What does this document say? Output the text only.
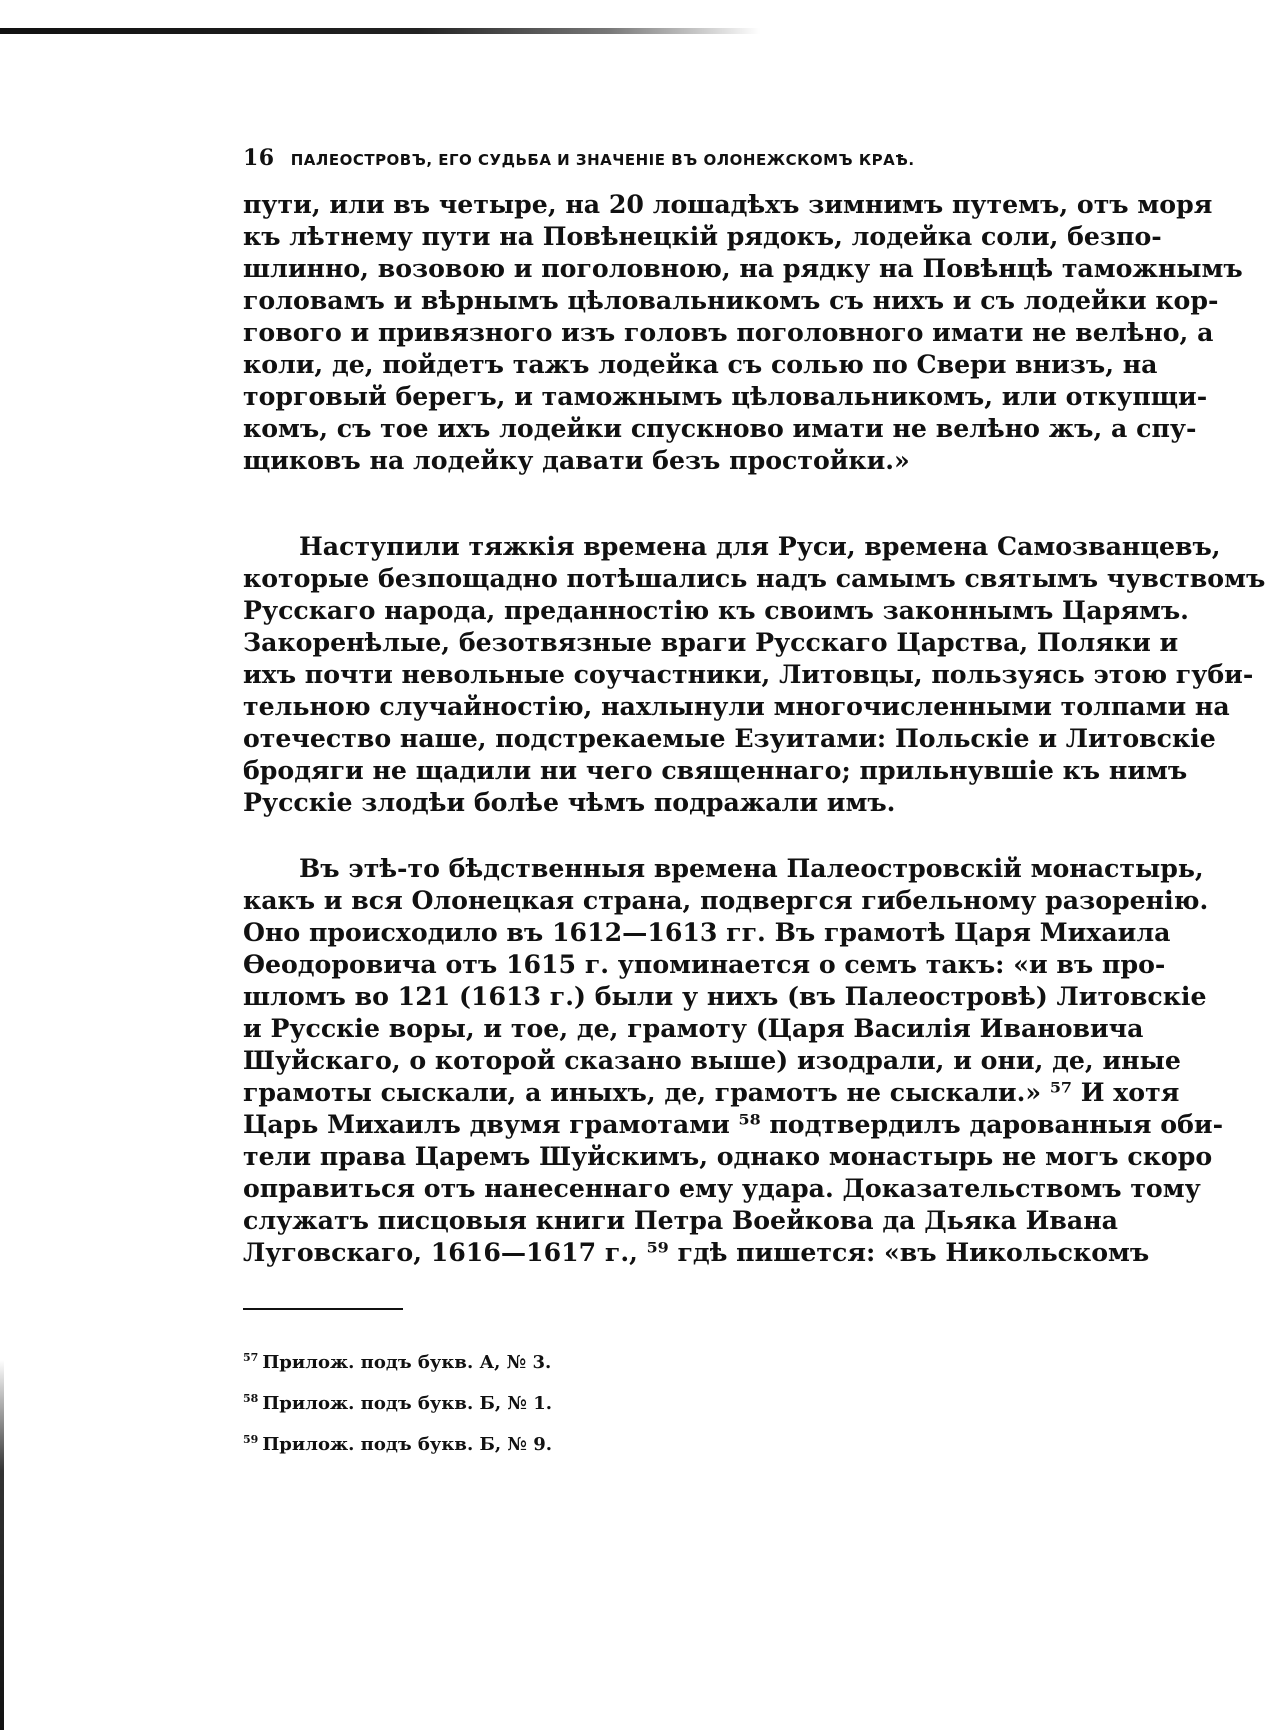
16 ПАЛЕОСТРОВЪ, ЕГО СУДЬБА И ЗНАЧЕНІЕ ВЪ ОЛОНЕЖСКОМЪ КРАѢ.

пути, или въ четыре, на 20 лошадѣхъ зимнимъ путемъ, отъ моря
къ лѣтнему пути на Повѣнецкій рядокъ, лодейка соли, безпо-
шлинно, возовою и поголовною, на рядку на Повѣнцѣ таможнымъ
головамъ и вѣрнымъ цѣловальникомъ съ нихъ и съ лодейки кор-
гового и привязного изъ головъ поголовного имати не велѣно, а
коли, де, пойдетъ тажъ лодейка съ солью по Свери внизъ, на
торговый берегъ, и таможнымъ цѣловальникомъ, или откупщи-
комъ, съ тое ихъ лодейки спускново имати не велѣно жъ, а спу-
щиковъ на лодейку давати безъ простойки.»

Наступили тяжкія времена для Руси, времена Самозванцевъ,
которые безпощадно потѣшались надъ самымъ святымъ чувствомъ
Русскаго народа, преданностію къ своимъ законнымъ Царямъ.
Закоренѣлые, безотвязные враги Русскаго Царства, Поляки и
ихъ почти невольные соучастники, Литовцы, пользуясь этою губи-
тельною случайностію, нахлынули многочисленными толпами на
отечество наше, подстрекаемые Езуитами: Польскіе и Литовскіе
бродяги не щадили ни чего священнаго; прильнувшіе къ нимъ
Русскіе злодѣи болѣе чѣмъ подражали имъ.

Въ этѣ-то бѣдственныя времена Палеостровскій монастырь,
какъ и вся Олонецкая страна, подвергся гибельному разоренію.
Оно происходило въ 1612—1613 гг. Въ грамотѣ Царя Михаила
Ѳеодоровича отъ 1615 г. упоминается о семъ такъ: «и въ про-
шломъ во 121 (1613 г.) были у нихъ (въ Палеостровѣ) Литовскіе
и Русскіе воры, и тое, де, грамоту (Царя Василія Ивановича
Шуйскаго, о которой сказано выше) изодрали, и они, де, иные
грамоты сыскали, а иныхъ, де, грамотъ не сыскали.» ⁵⁷ И хотя
Царь Михаилъ двумя грамотами ⁵⁸ подтвердилъ дарованныя оби-
тели права Царемъ Шуйскимъ, однако монастырь не могъ скоро
оправиться отъ нанесеннаго ему удара. Доказательствомъ тому
служатъ писцовыя книги Петра Воейкова да Дьяка Ивана
Луговскаго, 1616—1617 г., ⁵⁹ гдѣ пишется: «въ Никольскомъ

$^{57}$ Прилож. подъ букв. А, № 3.
$^{58}$ Прилож. подъ букв. Б, № 1.
$^{59}$ Прилож. подъ букв. Б, № 9.
